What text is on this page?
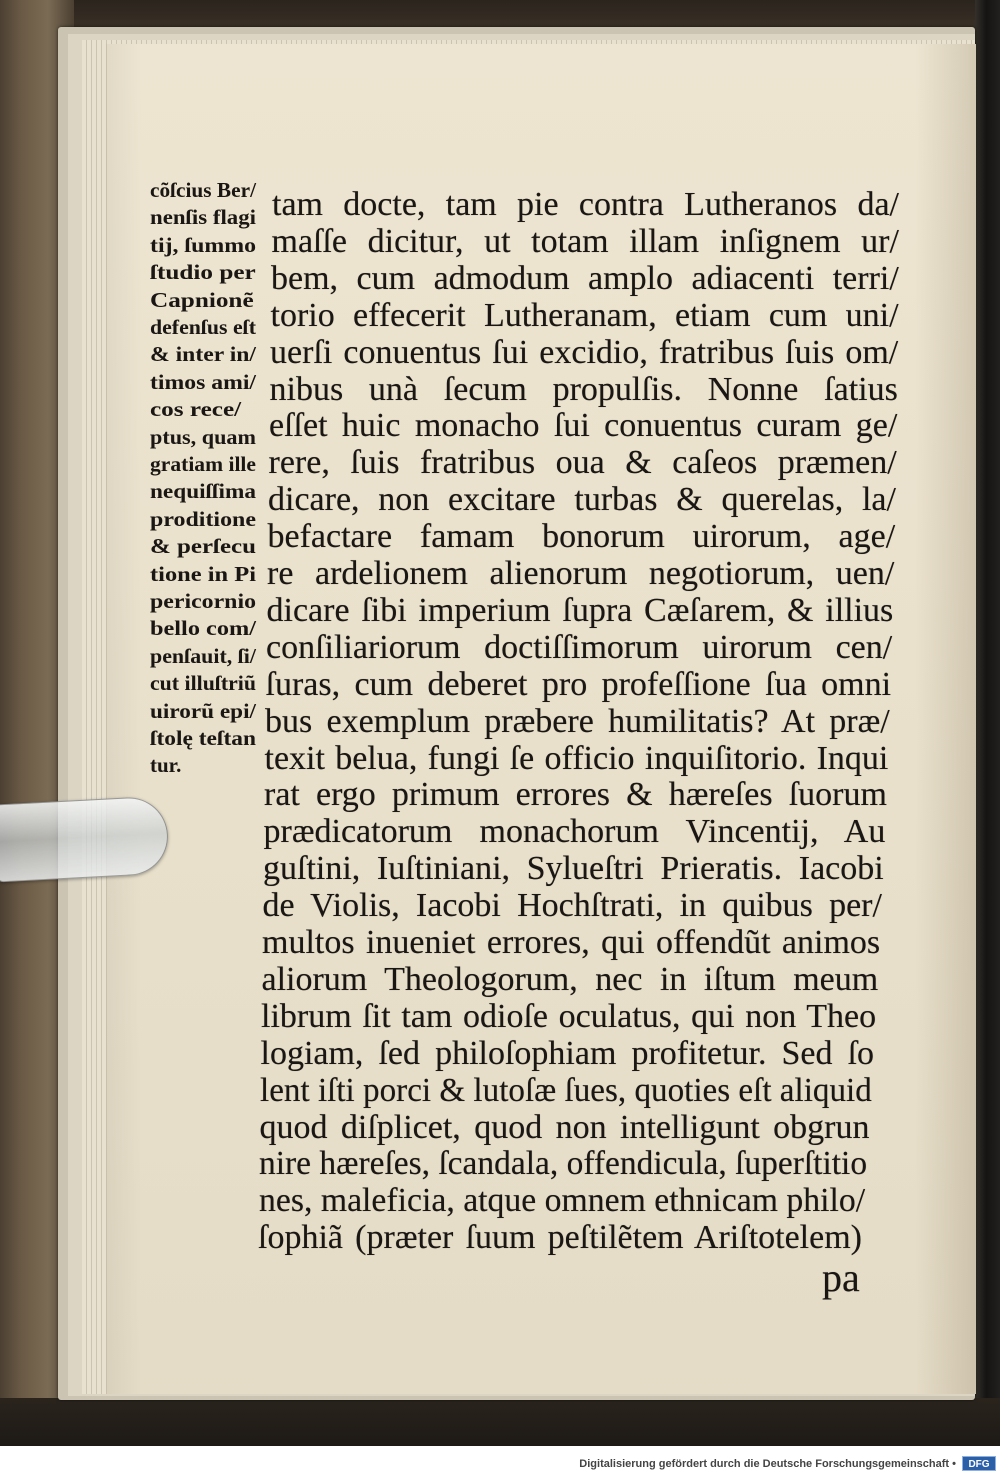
cõſcius Ber/
nenſis flagi
tij, ſummo
ſtudio per
Capnionẽ
defenſus eſt
& inter in/
timos ami/
cos rece/
ptus, quam
gratiam ille
nequiſſima
proditione
& perſecu
tione in Pi
pericornio
bello com/
penſauit, ſi/
cut illuſtriũ
uirorũ epi/
ſtolę teſtan
tur.
tam docte, tam pie contra Lutheranos da/
maſſe dicitur, ut totam illam inſignem ur/
bem, cum admodum amplo adiacenti terri/
torio effecerit Lutheranam, etiam cum uni/
uerſi conuentus ſui excidio, fratribus ſuis om/
nibus unà ſecum propulſis. Nonne ſatius
eſſet huic monacho ſui conuentus curam ge/
rere, ſuis fratribus oua & caſeos præmen/
dicare, non excitare turbas & querelas, la/
befactare famam bonorum uirorum, age/
re ardelionem alienorum negotiorum, uen/
dicare ſibi imperium ſupra Cæſarem, & illius
conſiliariorum doctiſſimorum uirorum cen/
ſuras, cum deberet pro profeſſione ſua omni
bus exemplum præbere humilitatis? At præ/
texit belua, fungi ſe officio inquiſitorio. Inqui
rat ergo primum errores & hæreſes ſuorum
prædicatorum monachorum Vincentij, Au
guſtini, Iuſtiniani, Sylueſtri Prieratis. Iacobi
de Violis, Iacobi Hochſtrati, in quibus per/
multos inueniet errores, qui offendũt animos
aliorum Theologorum, nec in iſtum meum
librum ſit tam odioſe oculatus, qui non Theo
logiam, ſed philoſophiam profitetur. Sed ſo
lent iſti porci & lutoſæ ſues, quoties eſt aliquid
quod diſplicet, quod non intelligunt obgrun
nire hæreſes, ſcandala, offendicula, ſuperſtitio
nes, maleficia, atque omnem ethnicam philo/
ſophiã (præter ſuum peſtilẽtem Ariſtotelem)
pa
Digitalisierung gefördert durch die Deutsche Forschungsgemeinschaft •	DFG
